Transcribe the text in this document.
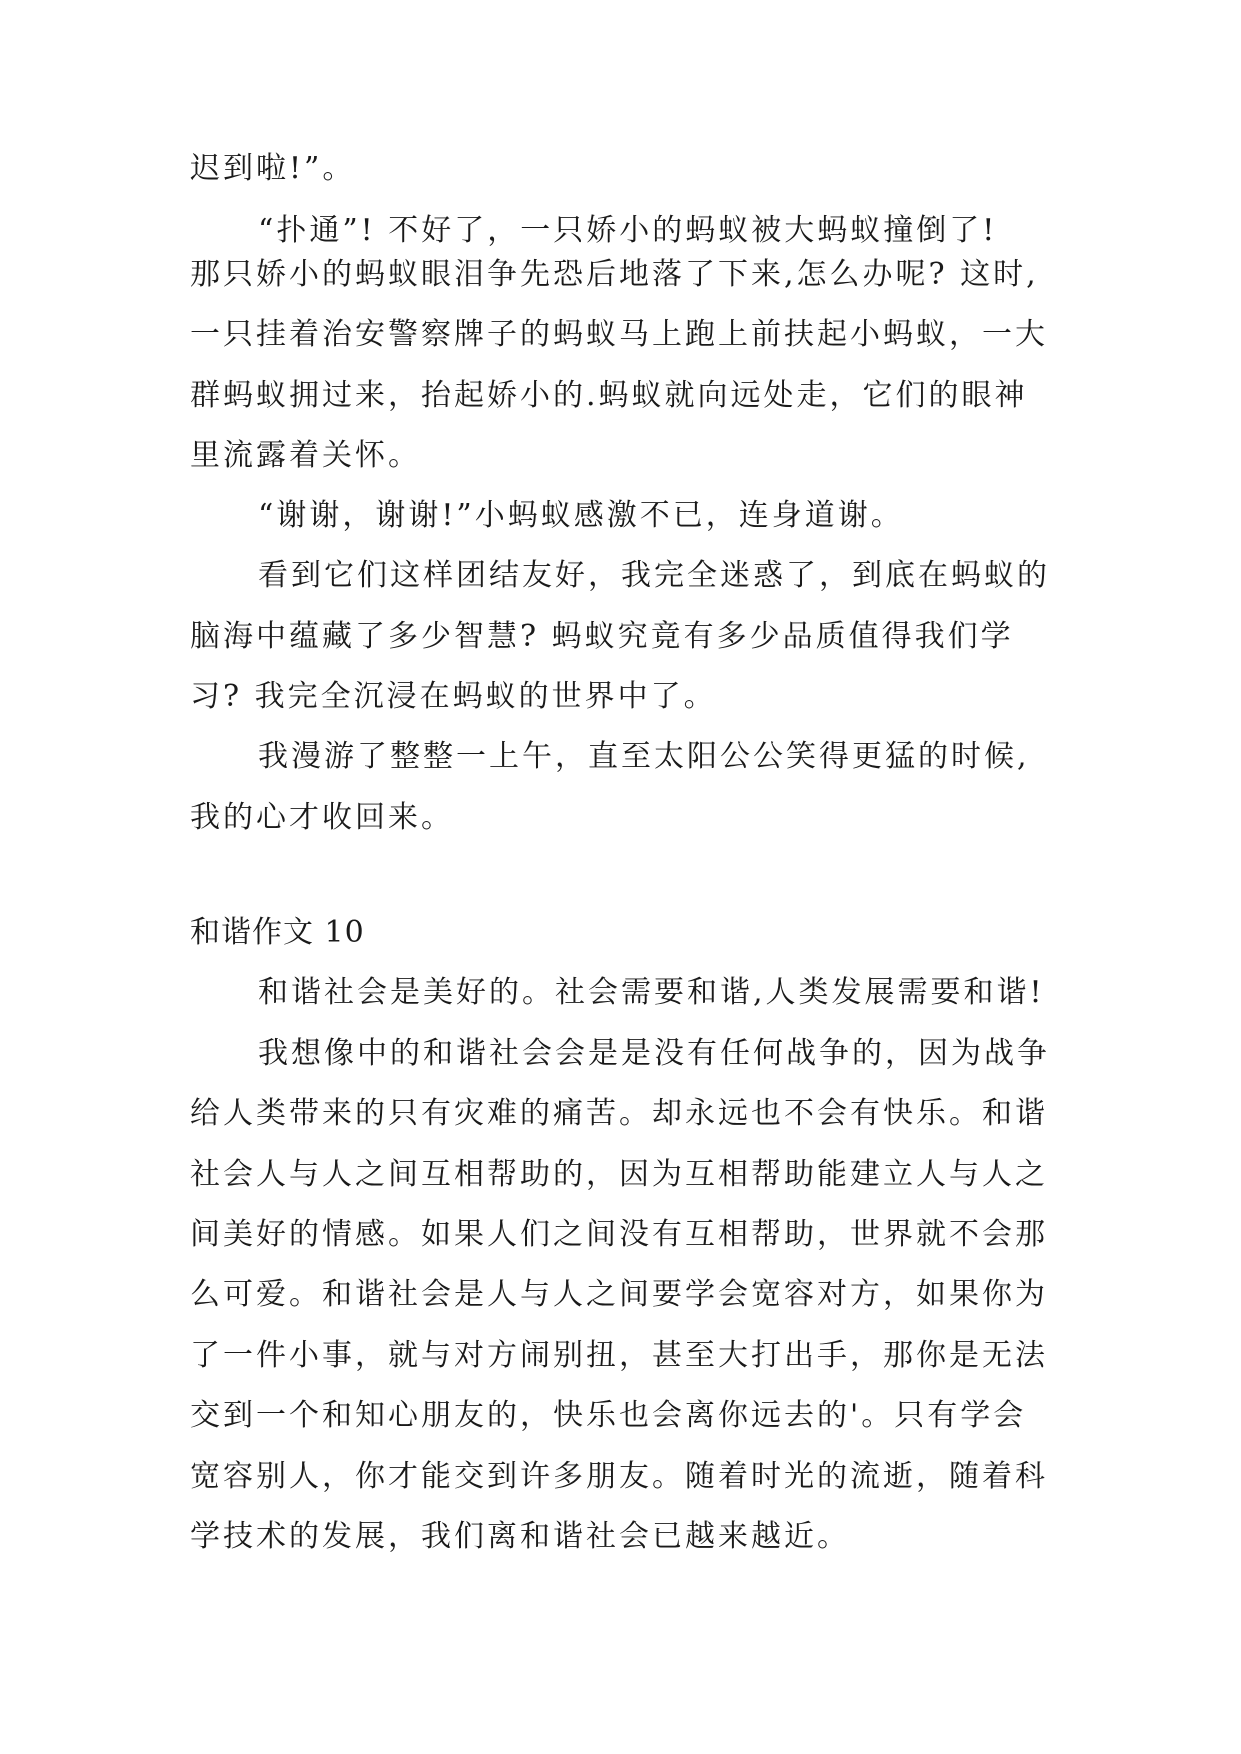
迟到啦!”。
“扑通”! 不好了，一只娇小的蚂蚁被大蚂蚁撞倒了!
那只娇小的蚂蚁眼泪争先恐后地落了下来,怎么办呢? 这时,
一只挂着治安警察牌子的蚂蚁马上跑上前扶起小蚂蚁，一大
群蚂蚁拥过来，抬起娇小的.蚂蚁就向远处走，它们的眼神
里流露着关怀。
“谢谢，谢谢!”小蚂蚁感激不已，连身道谢。
看到它们这样团结友好，我完全迷惑了，到底在蚂蚁的
脑海中蕴藏了多少智慧? 蚂蚁究竟有多少品质值得我们学
习? 我完全沉浸在蚂蚁的世界中了。
我漫游了整整一上午，直至太阳公公笑得更猛的时候,
我的心才收回来。
和谐作文 10
和谐社会是美好的。社会需要和谐,人类发展需要和谐!
我想像中的和谐社会会是是没有任何战争的，因为战争
给人类带来的只有灾难的痛苦。却永远也不会有快乐。和谐
社会人与人之间互相帮助的，因为互相帮助能建立人与人之
间美好的情感。如果人们之间没有互相帮助，世界就不会那
么可爱。和谐社会是人与人之间要学会宽容对方，如果你为
了一件小事，就与对方闹别扭，甚至大打出手，那你是无法
交到一个和知心朋友的，快乐也会离你远去的'。只有学会
宽容别人，你才能交到许多朋友。随着时光的流逝，随着科
学技术的发展，我们离和谐社会已越来越近。
